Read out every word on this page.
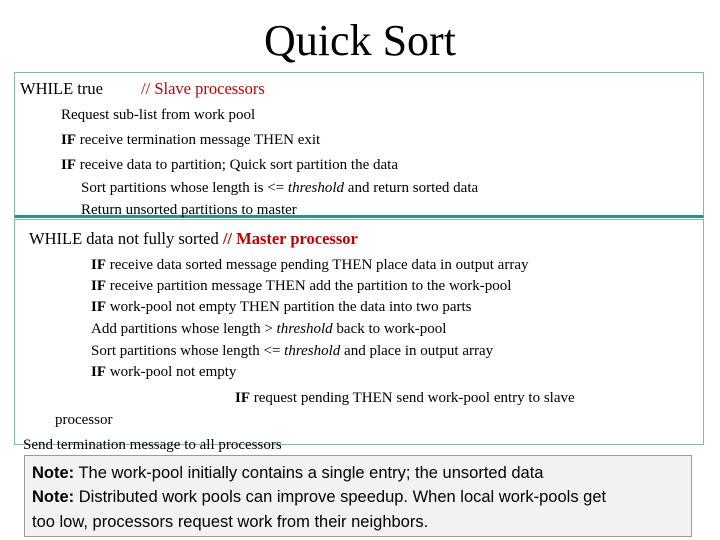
Quick Sort
WHILE true // Slave processors
Request sub-list from work pool
IF receive termination message THEN exit
IF receive data to partition; Quick sort partition the data
Sort partitions whose length is <= threshold and return sorted data
Return unsorted partitions to master
WHILE data not fully sorted // Master processor
IF receive data sorted message pending THEN place data in output array
IF receive partition message THEN add the partition to the work-pool
IF work-pool not empty THEN partition the data into two parts
Add partitions whose length > threshold back to work-pool
Sort partitions whose length <= threshold and place in output array
IF work-pool not empty
IF request pending THEN send work-pool entry to slave
processor
Send termination message to all processors
Note: The work-pool initially contains a single entry; the unsorted data
Note: Distributed work pools can improve speedup. When local work-pools get
too low, processors request work from their neighbors.
